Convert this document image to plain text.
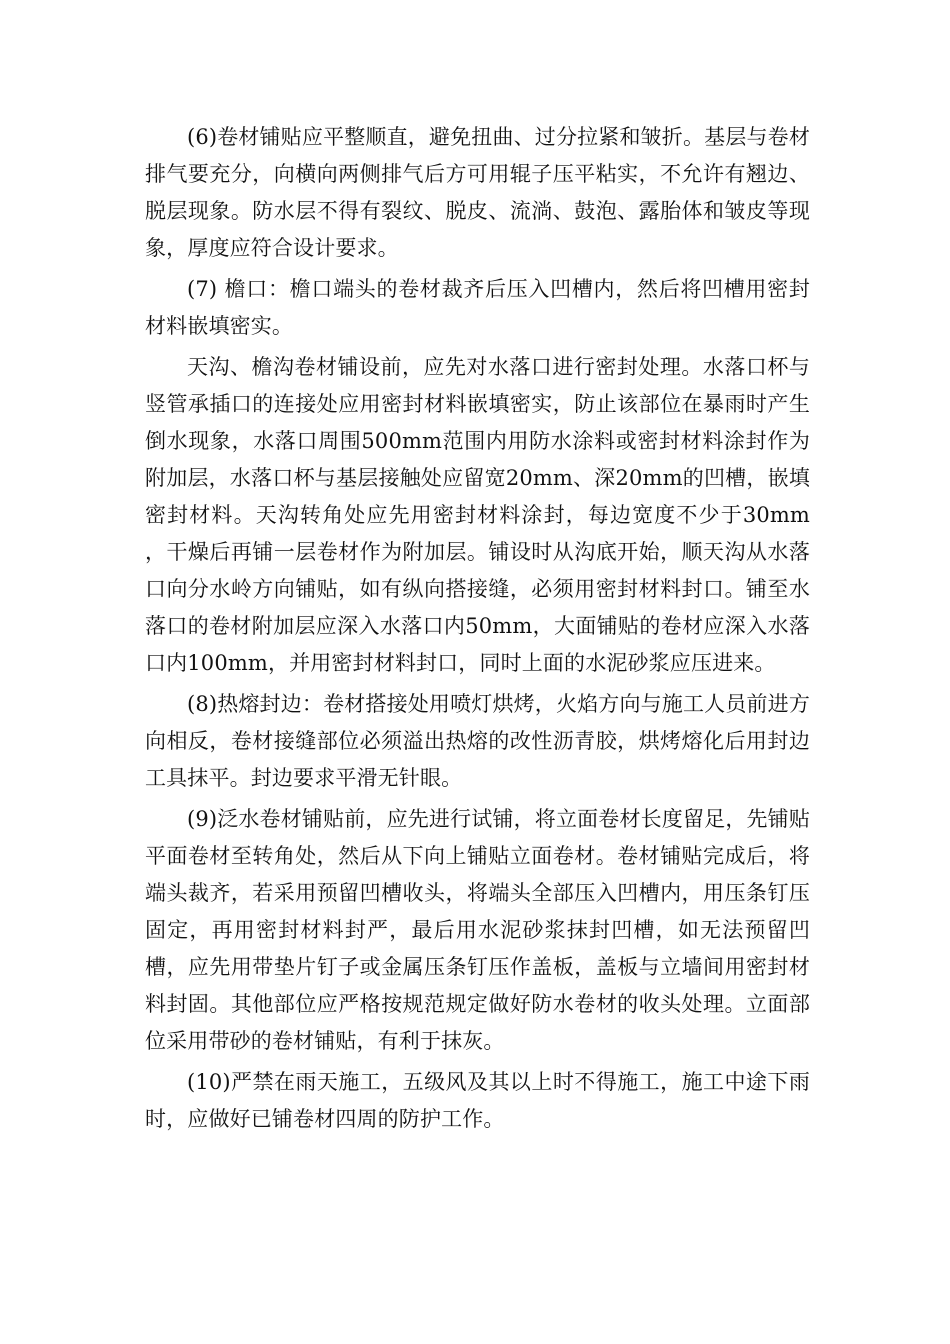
(6)卷材铺贴应平整顺直，避免扭曲、过分拉紧和皱折。基层与卷材排气要充分，向横向两侧排气后方可用辊子压平粘实，不允许有翘边、脱层现象。防水层不得有裂纹、脱皮、流淌、鼓泡、露胎体和皱皮等现象，厚度应符合设计要求。

(7) 檐口：檐口端头的卷材裁齐后压入凹槽内，然后将凹槽用密封材料嵌填密实。

天沟、檐沟卷材铺设前，应先对水落口进行密封处理。水落口杯与竖管承插口的连接处应用密封材料嵌填密实，防止该部位在暴雨时产生倒水现象，水落口周围500mm范围内用防水涂料或密封材料涂封作为附加层，水落口杯与基层接触处应留宽20mm、深20mm的凹槽，嵌填密封材料。天沟转角处应先用密封材料涂封，每边宽度不少于30mm ，干燥后再铺一层卷材作为附加层。铺设时从沟底开始，顺天沟从水落口向分水岭方向铺贴，如有纵向搭接缝，必须用密封材料封口。铺至水落口的卷材附加层应深入水落口内50mm，大面铺贴的卷材应深入水落口内100mm，并用密封材料封口，同时上面的水泥砂浆应压进来。

(8)热熔封边：卷材搭接处用喷灯烘烤，火焰方向与施工人员前进方向相反，卷材接缝部位必须溢出热熔的改性沥青胶，烘烤熔化后用封边工具抹平。封边要求平滑无针眼。

(9)泛水卷材铺贴前，应先进行试铺，将立面卷材长度留足，先铺贴平面卷材至转角处，然后从下向上铺贴立面卷材。卷材铺贴完成后，将端头裁齐，若采用预留凹槽收头，将端头全部压入凹槽内，用压条钉压固定，再用密封材料封严，最后用水泥砂浆抹封凹槽，如无法预留凹槽，应先用带垫片钉子或金属压条钉压作盖板，盖板与立墙间用密封材料封固。其他部位应严格按规范规定做好防水卷材的收头处理。立面部位采用带砂的卷材铺贴，有利于抹灰。

(10)严禁在雨天施工，五级风及其以上时不得施工，施工中途下雨时，应做好已铺卷材四周的防护工作。
